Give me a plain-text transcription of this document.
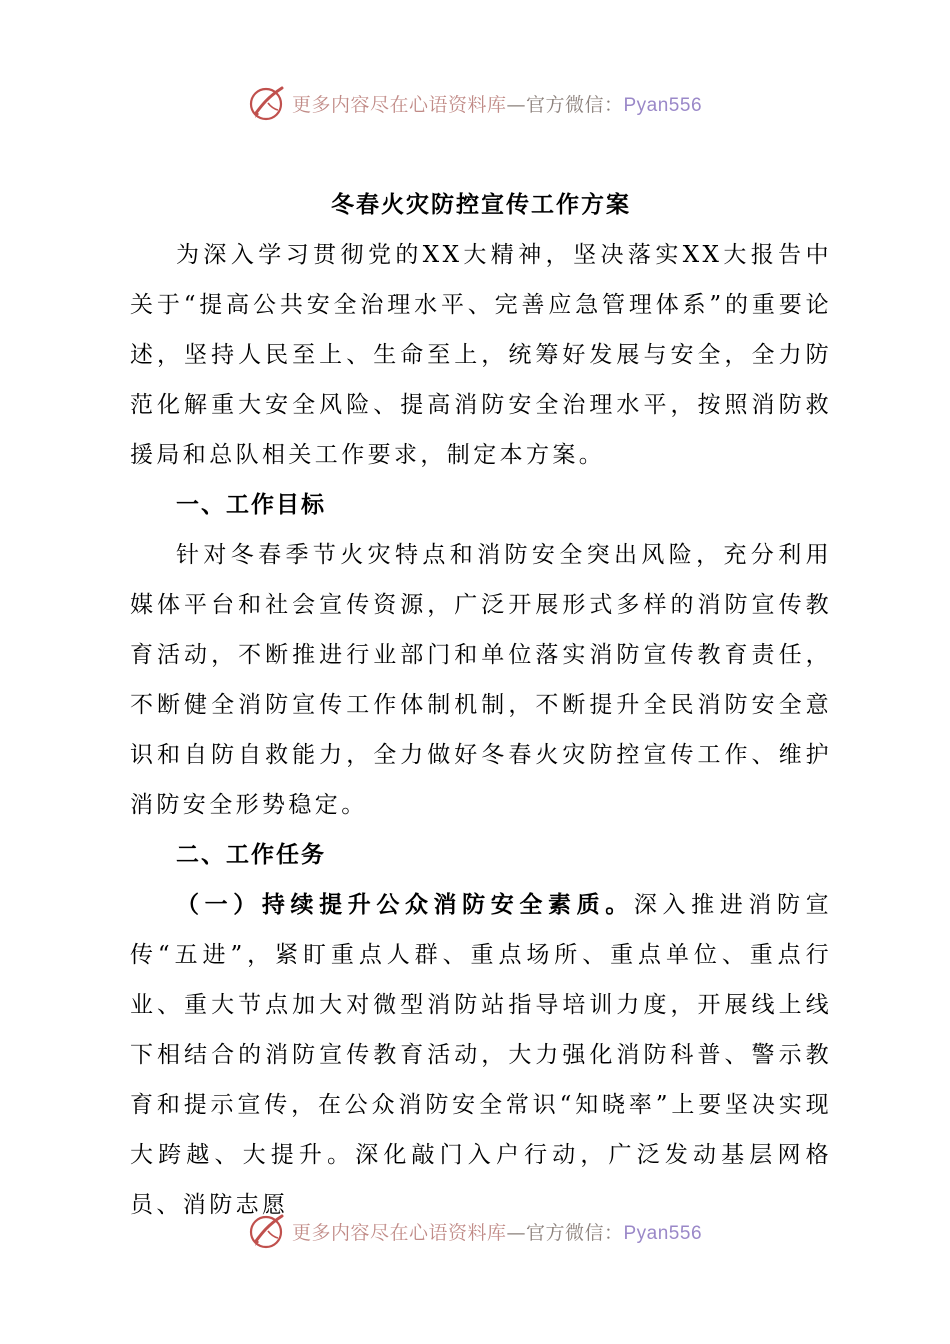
更多内容尽在心语资料库—官方微信：Pyan556
冬春火灾防控宣传工作方案

为深入学习贯彻党的XX大精神，坚决落实XX大报告中关于“提高公共安全治理水平、完善应急管理体系”的重要论述，坚持人民至上、生命至上，统筹好发展与安全，全力防范化解重大安全风险、提高消防安全治理水平，按照消防救援局和总队相关工作要求，制定本方案。

一、工作目标

针对冬春季节火灾特点和消防安全突出风险，充分利用媒体平台和社会宣传资源，广泛开展形式多样的消防宣传教育活动，不断推进行业部门和单位落实消防宣传教育责任，不断健全消防宣传工作体制机制，不断提升全民消防安全意识和自防自救能力，全力做好冬春火灾防控宣传工作、维护消防安全形势稳定。

二、工作任务

（一）持续提升公众消防安全素质。深入推进消防宣传“五进”，紧盯重点人群、重点场所、重点单位、重点行业、重大节点加大对微型消防站指导培训力度，开展线上线下相结合的消防宣传教育活动，大力强化消防科普、警示教育和提示宣传，在公众消防安全常识“知晓率”上要坚决实现大跨越、大提升。深化敲门入户行动，广泛发动基层网格员、消防志愿

更多内容尽在心语资料库—官方微信：Pyan556
